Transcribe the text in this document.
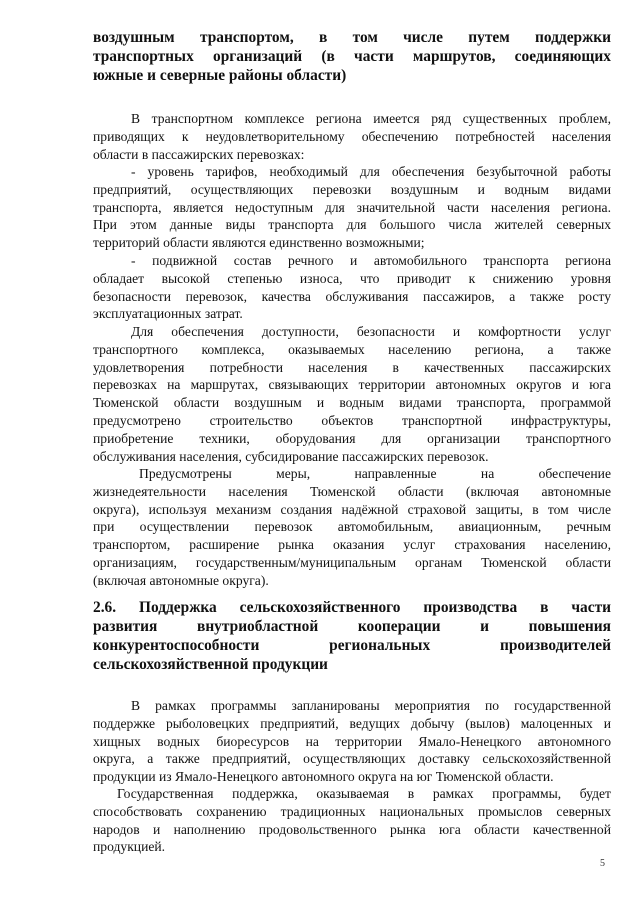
воздушным транспортом, в том числе путем поддержки
транспортных организаций (в части маршрутов, соединяющих
южные и северные районы области)
В транспортном комплексе региона имеется ряд существенных проблем,
приводящих к неудовлетворительному обеспечению потребностей населения
области в пассажирских перевозках:
- уровень тарифов, необходимый для обеспечения безубыточной работы
предприятий, осуществляющих перевозки воздушным и водным видами
транспорта, является недоступным для значительной части населения региона.
При этом данные виды транспорта для большого числа жителей северных
территорий области являются единственно возможными;
- подвижной состав речного и автомобильного транспорта региона
обладает высокой степенью износа, что приводит к снижению уровня
безопасности перевозок, качества обслуживания пассажиров, а также росту
эксплуатационных затрат.
Для обеспечения доступности, безопасности и комфортности услуг
транспортного комплекса, оказываемых населению региона, а также
удовлетворения потребности населения в качественных пассажирских
перевозках на маршрутах, связывающих территории автономных округов и юга
Тюменской области воздушным и водным видами транспорта, программой
предусмотрено строительство объектов транспортной инфраструктуры,
приобретение техники, оборудования для организации транспортного
обслуживания населения, субсидирование пассажирских перевозок.
Предусмотрены меры, направленные на обеспечение
жизнедеятельности населения Тюменской области (включая автономные
округа), используя механизм создания надёжной страховой защиты, в том числе
при осуществлении перевозок автомобильным, авиационным, речным
транспортом, расширение рынка оказания услуг страхования населению,
организациям, государственным/муниципальным органам Тюменской области
(включая автономные округа).
2.6. Поддержка сельскохозяйственного производства в части
развития внутриобластной кооперации и повышения
конкурентоспособности региональных производителей
сельскохозяйственной продукции
В рамках программы запланированы мероприятия по государственной
поддержке рыболовецких предприятий, ведущих добычу (вылов) малоценных и
хищных водных биоресурсов на территории Ямало-Ненецкого автономного
округа, а также предприятий, осуществляющих доставку сельскохозяйственной
продукции из Ямало-Ненецкого автономного округа на юг Тюменской области.
Государственная поддержка, оказываемая в рамках программы, будет
способствовать сохранению традиционных национальных промыслов северных
народов и наполнению продовольственного рынка юга области качественной
продукцией.
5
